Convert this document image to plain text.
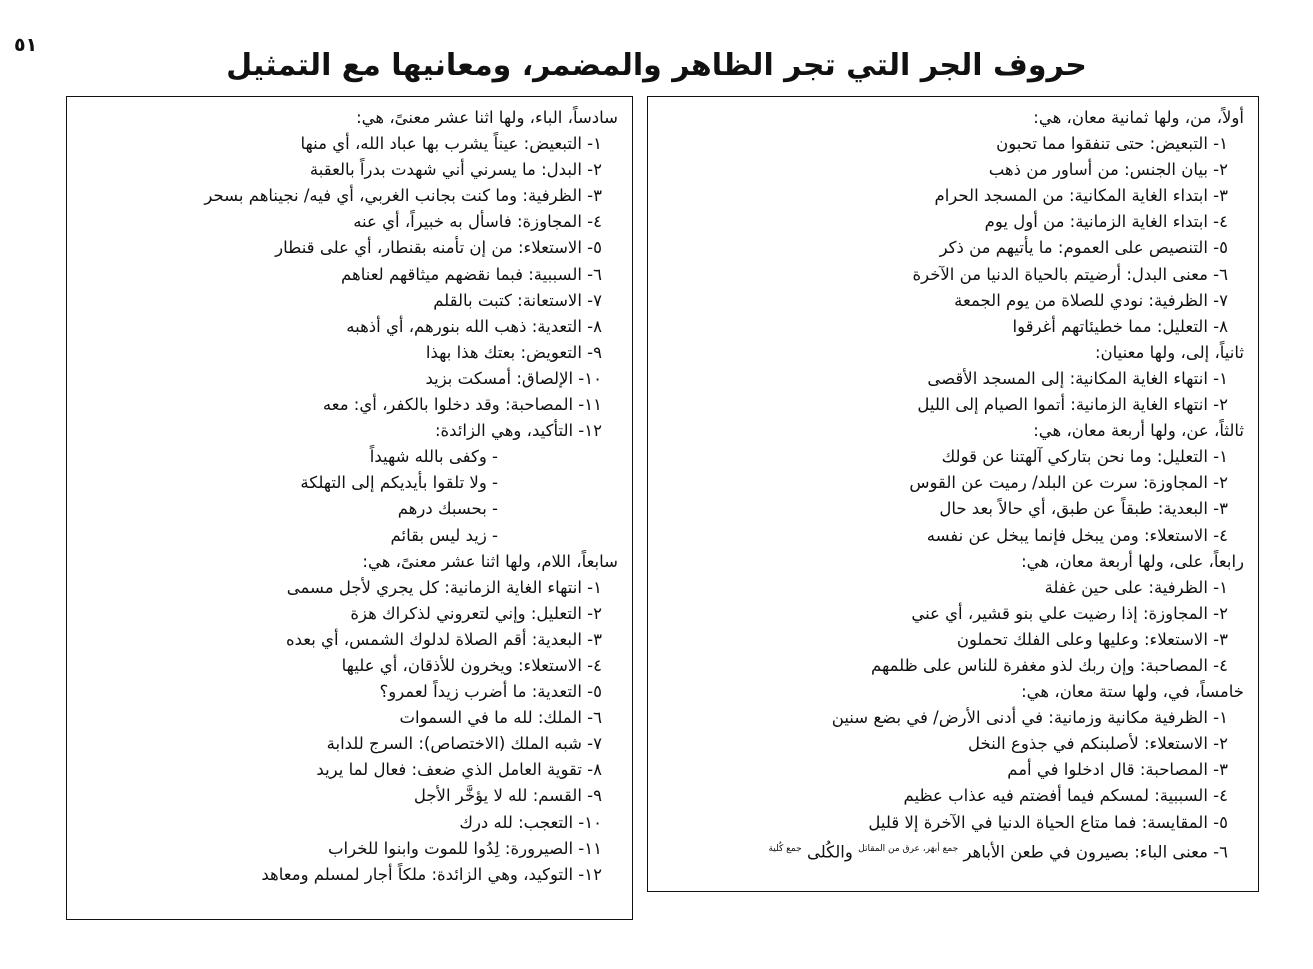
٥١
حروف الجر التي تجر الظاهر والمضمر، ومعانيها مع التمثيل
أولاً، من، ولها ثمانية معان، هي:
١- التبعيض: حتى تنفقوا مما تحبون
٢- بيان الجنس: من أساور من ذهب
٣- ابتداء الغاية المكانية: من المسجد الحرام
٤- ابتداء الغاية الزمانية: من أول يوم
٥- التنصيص على العموم: ما يأتيهم من ذكر
٦- معنى البدل: أرضيتم بالحياة الدنيا من الآخرة
٧- الظرفية: نودي للصلاة من يوم الجمعة
٨- التعليل: مما خطيئاتهم أغرقوا
ثانياً، إلى، ولها معنيان:
١- انتهاء الغاية المكانية: إلى المسجد الأقصى
٢- انتهاء الغاية الزمانية: أتموا الصيام إلى الليل
ثالثاً، عن، ولها أربعة معان، هي:
١- التعليل: وما نحن بتاركي آلهتنا عن قولك
٢- المجاوزة: سرت عن البلد/ رميت عن القوس
٣- البعدية: طبقاً عن طبق، أي حالاً بعد حال
٤- الاستعلاء: ومن يبخل فإنما يبخل عن نفسه
رابعاً، على، ولها أربعة معان، هي:
١- الظرفية: على حين غفلة
٢- المجاوزة: إذا رضيت علي بنو قشير، أي عني
٣- الاستعلاء: وعليها وعلى الفلك تحملون
٤- المصاحبة: وإن ربك لذو مغفرة للناس على ظلمهم
خامساً، في، ولها ستة معان، هي:
١- الظرفية مكانية وزمانية: في أدنى الأرض/ في بضع سنين
٢- الاستعلاء: لأصلبنكم في جذوع النخل
٣- المصاحبة: قال ادخلوا في أمم
٤- السببية: لمسكم فيما أفضتم فيه عذاب عظيم
٥- المقايسة: فما متاع الحياة الدنيا في الآخرة إلا قليل
٦- معنى الباء: بصيرون في طعن الأباهر $^{جمع أبهَر، عرق من المقاتل}$ والكُلى $^{جمع كُلية}$
سادساً، الباء، ولها اثنا عشر معنىً، هي:
١- التبعيض: عيناً يشرب بها عباد الله، أي منها
٢- البدل: ما يسرني أني شهدت بدراً بالعقبة
٣- الظرفية: وما كنت بجانب الغربي، أي فيه/ نجيناهم بسحر
٤- المجاوزة: فاسأل به خبيراً، أي عنه
٥- الاستعلاء: من إن تأمنه بقنطار، أي على قنطار
٦- السببية: فبما نقضهم ميثاقهم لعناهم
٧- الاستعانة: كتبت بالقلم
٨- التعدية: ذهب الله بنورهم، أي أذهبه
٩- التعويض: بعتك هذا بهذا
١٠- الإلصاق: أمسكت بزيد
١١- المصاحبة: وقد دخلوا بالكفر، أي: معه
١٢- التأكيد، وهي الزائدة:
- وكفى بالله شهيداً
- ولا تلقوا بأيديكم إلى التهلكة
- بحسبك درهم
- زيد ليس بقائم
سابعاً، اللام، ولها اثنا عشر معنىً، هي:
١- انتهاء الغاية الزمانية: كل يجري لأجل مسمى
٢- التعليل: وإني لتعروني لذكراك هزة
٣- البعدية: أقم الصلاة لدلوك الشمس، أي بعده
٤- الاستعلاء: ويخرون للأذقان، أي عليها
٥- التعدية: ما أضرب زيداً لعمرو؟
٦- الملك: لله ما في السموات
٧- شبه الملك (الاختصاص): السرج للدابة
٨- تقوية العامل الذي ضعف: فعال لما يريد
٩- القسم: لله لا يؤخَّر الأجل
١٠- التعجب: لله درك
١١- الصيرورة: لِدُوا للموت وابنوا للخراب
١٢- التوكيد، وهي الزائدة: ملكاً أجار لمسلم ومعاهد
